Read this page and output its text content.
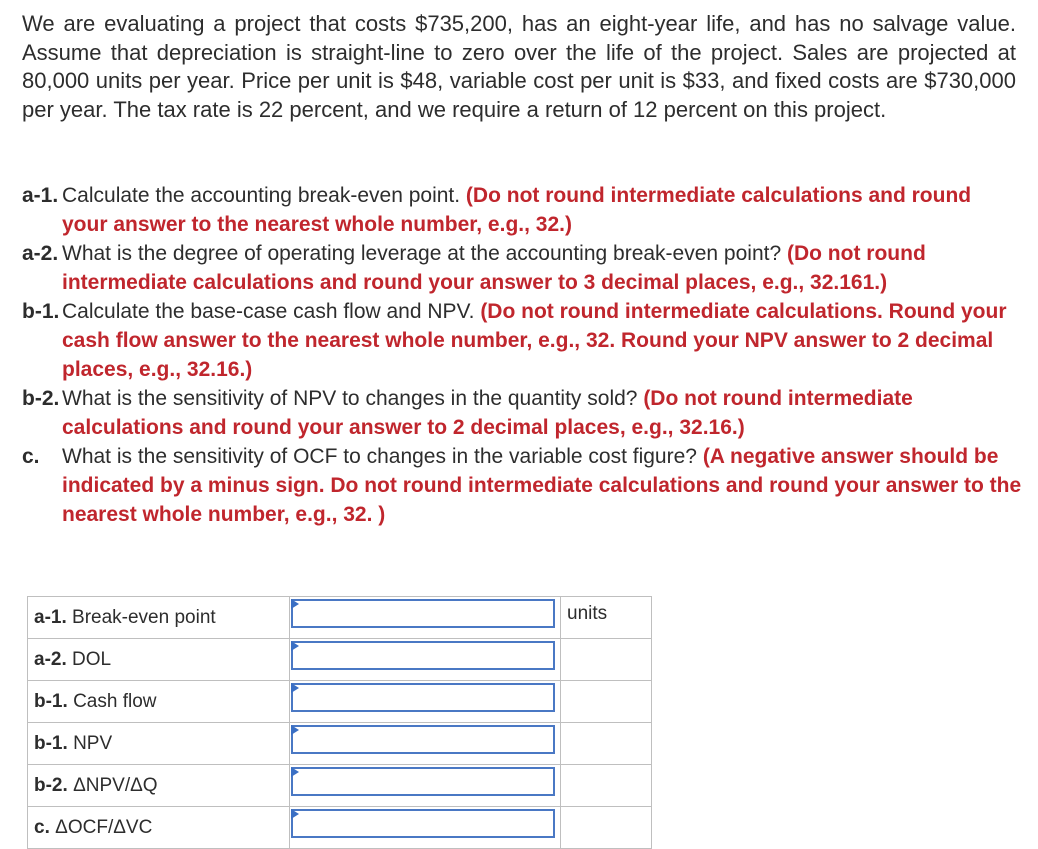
We are evaluating a project that costs $735,200, has an eight-year life, and has no salvage value. Assume that depreciation is straight-line to zero over the life of the project. Sales are projected at 80,000 units per year. Price per unit is $48, variable cost per unit is $33, and fixed costs are $730,000 per year. The tax rate is 22 percent, and we require a return of 12 percent on this project.

a-1. Calculate the accounting break-even point. (Do not round intermediate calculations and round your answer to the nearest whole number, e.g., 32.)
a-2. What is the degree of operating leverage at the accounting break-even point? (Do not round intermediate calculations and round your answer to 3 decimal places, e.g., 32.161.)
b-1. Calculate the base-case cash flow and NPV. (Do not round intermediate calculations. Round your cash flow answer to the nearest whole number, e.g., 32. Round your NPV answer to 2 decimal places, e.g., 32.16.)
b-2. What is the sensitivity of NPV to changes in the quantity sold? (Do not round intermediate calculations and round your answer to 2 decimal places, e.g., 32.16.)
c.	What is the sensitivity of OCF to changes in the variable cost figure? (A negative answer should be indicated by a minus sign. Do not round intermediate calculations and round your answer to the nearest whole number, e.g., 32. )
a-1. Break-even point		units
a-2. DOL	

b-1. Cash flow	

b-1. NPV	

b-2. ΔNPV/ΔQ	

c. ΔOCF/ΔVC	
